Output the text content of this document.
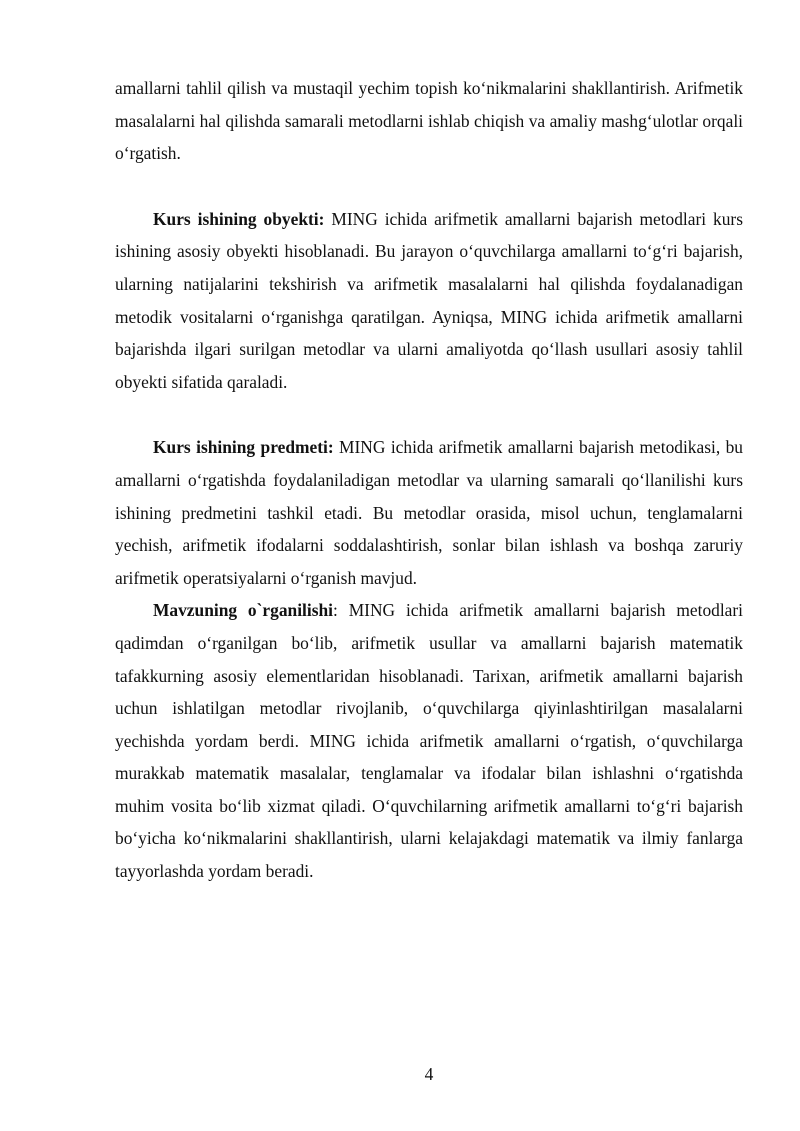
amallarni tahlil qilish va mustaqil yechim topish ko‘nikmalarini shakllantirish. Arifmetik masalalarni hal qilishda samarali metodlarni ishlab chiqish va amaliy mashg‘ulotlar orqali o‘rgatish.

Kurs ishining obyekti: MING ichida arifmetik amallarni bajarish metodlari kurs ishining asosiy obyekti hisoblanadi. Bu jarayon o‘quvchilarga amallarni to‘g‘ri bajarish, ularning natijalarini tekshirish va arifmetik masalalarni hal qilishda foydalanadigan metodik vositalarni o‘rganishga qaratilgan. Ayniqsa, MING ichida arifmetik amallarni bajarishda ilgari surilgan metodlar va ularni amaliyotda qo‘llash usullari asosiy tahlil obyekti sifatida qaraladi.

Kurs ishining predmeti: MING ichida arifmetik amallarni bajarish metodikasi, bu amallarni o‘rgatishda foydalaniladigan metodlar va ularning samarali qo‘llanilishi kurs ishining predmetini tashkil etadi. Bu metodlar orasida, misol uchun, tenglamalarni yechish, arifmetik ifodalarni soddalashtirish, sonlar bilan ishlash va boshqa zaruriy arifmetik operatsiyalarni o‘rganish mavjud.

Mavzuning o`rganilishi: MING ichida arifmetik amallarni bajarish metodlari qadimdan o‘rganilgan bo‘lib, arifmetik usullar va amallarni bajarish matematik tafakkurning asosiy elementlaridan hisoblanadi. Tarixan, arifmetik amallarni bajarish uchun ishlatilgan metodlar rivojlanib, o‘quvchilarga qiyinlashtirilgan masalalarni yechishda yordam berdi. MING ichida arifmetik amallarni o‘rgatish, o‘quvchilarga murakkab matematik masalalar, tenglamalar va ifodalar bilan ishlashni o‘rgatishda muhim vosita bo‘lib xizmat qiladi. O‘quvchilarning arifmetik amallarni to‘g‘ri bajarish bo‘yicha ko‘nikmalarini shakllantirish, ularni kelajakdagi matematik va ilmiy fanlarga tayyorlashda yordam beradi.

4
